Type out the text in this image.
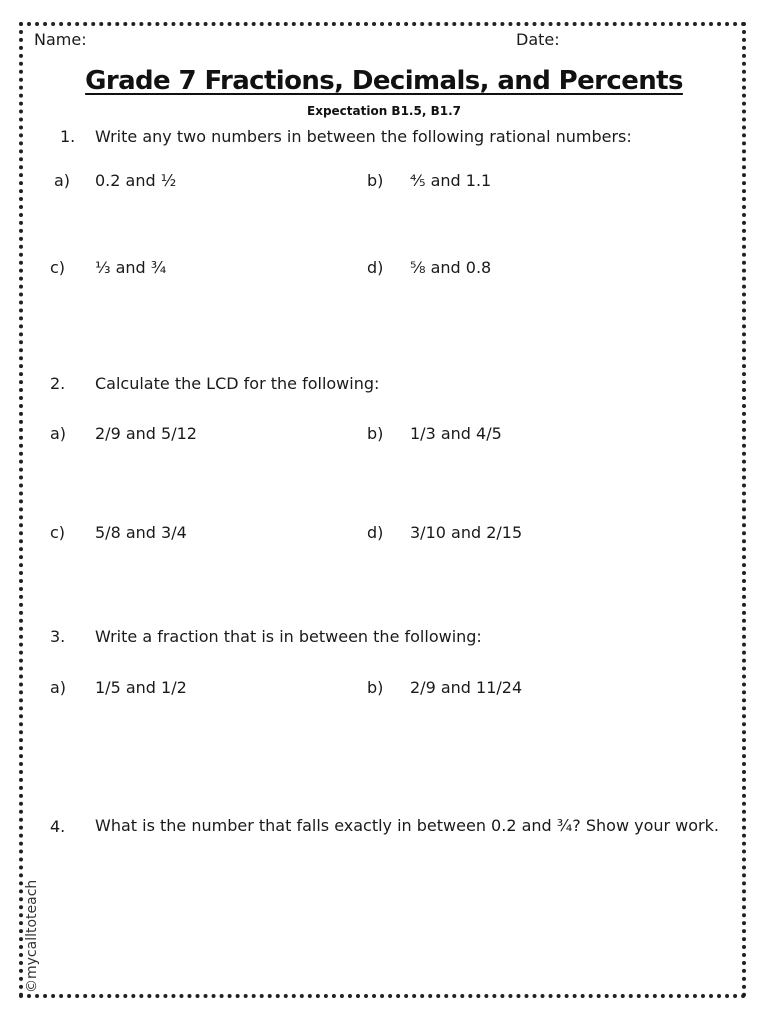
Name:	Date:
Grade 7 Fractions, Decimals, and Percents
Expectation B1.5, B1.7
1. Write any two numbers in between the following rational numbers:
a) 0.2 and ½	b) ⅘ and 1.1
c) ⅓ and ¾	d) ⅝ and 0.8
2. Calculate the LCD for the following:
a) 2/9 and 5/12	b) 1/3 and 4/5
c) 5/8 and 3/4	d) 3/10 and 2/15
3. Write a fraction that is in between the following:
a) 1/5 and 1/2	b) 2/9 and 11/24
4. What is the number that falls exactly in between 0.2 and ¾? Show your work.
©mycalltoteach
